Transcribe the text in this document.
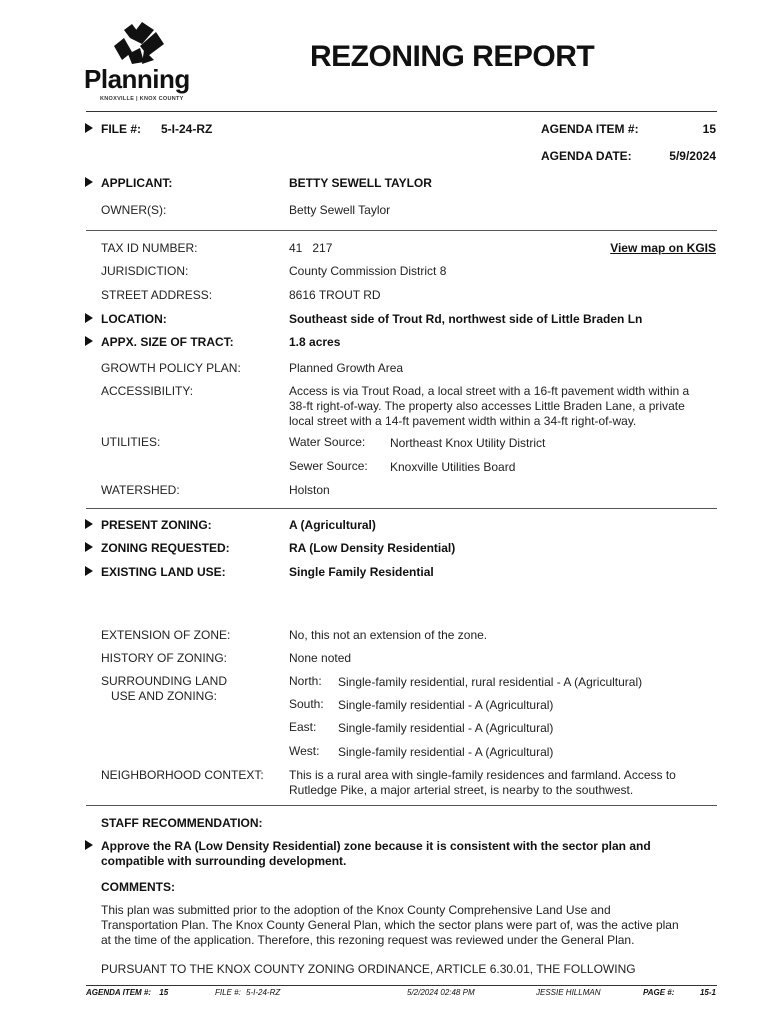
Planning
KNOXVILLE | KNOX COUNTY
REZONING REPORT
FILE #: 5-I-24-RZ	AGENDA ITEM #:	15
AGENDA DATE:	5/9/2024
APPLICANT:	BETTY SEWELL TAYLOR
OWNER(S):	Betty Sewell Taylor
TAX ID NUMBER:	41   217	View map on KGIS
JURISDICTION:	County Commission District 8
STREET ADDRESS:	8616 TROUT RD
LOCATION:	Southeast side of Trout Rd, northwest side of Little Braden Ln
APPX. SIZE OF TRACT:	1.8 acres
GROWTH POLICY PLAN:	Planned Growth Area
ACCESSIBILITY:	Access is via Trout Road, a local street with a 16-ft pavement width within a
38-ft right-of-way. The property also accesses Little Braden Lane, a private
local street with a 14-ft pavement width within a 34-ft right-of-way.
UTILITIES:	Water Source: Northeast Knox Utility District
Sewer Source: Knoxville Utilities Board
WATERSHED:	Holston
PRESENT ZONING:	A (Agricultural)
ZONING REQUESTED:	RA (Low Density Residential)
EXISTING LAND USE:	Single Family Residential
EXTENSION OF ZONE:	No, this not an extension of the zone.
HISTORY OF ZONING:	None noted
SURROUNDING LAND
USE AND ZONING:
North: Single-family residential, rural residential - A (Agricultural)
South: Single-family residential - A (Agricultural)
East: Single-family residential - A (Agricultural)
West: Single-family residential - A (Agricultural)
NEIGHBORHOOD CONTEXT: This is a rural area with single-family residences and farmland. Access to
Rutledge Pike, a major arterial street, is nearby to the southwest.
STAFF RECOMMENDATION:
Approve the RA (Low Density Residential) zone because it is consistent with the sector plan and
compatible with surrounding development.
COMMENTS:
This plan was submitted prior to the adoption of the Knox County Comprehensive Land Use and
Transportation Plan. The Knox County General Plan, which the sector plans were part of, was the active plan
at the time of the application. Therefore, this rezoning request was reviewed under the General Plan.
PURSUANT TO THE KNOX COUNTY ZONING ORDINANCE, ARTICLE 6.30.01, THE FOLLOWING
AGENDA ITEM #: 15	FILE #: 5-I-24-RZ	5/2/2024 02:48 PM	JESSIE HILLMAN	PAGE #:	15-1
